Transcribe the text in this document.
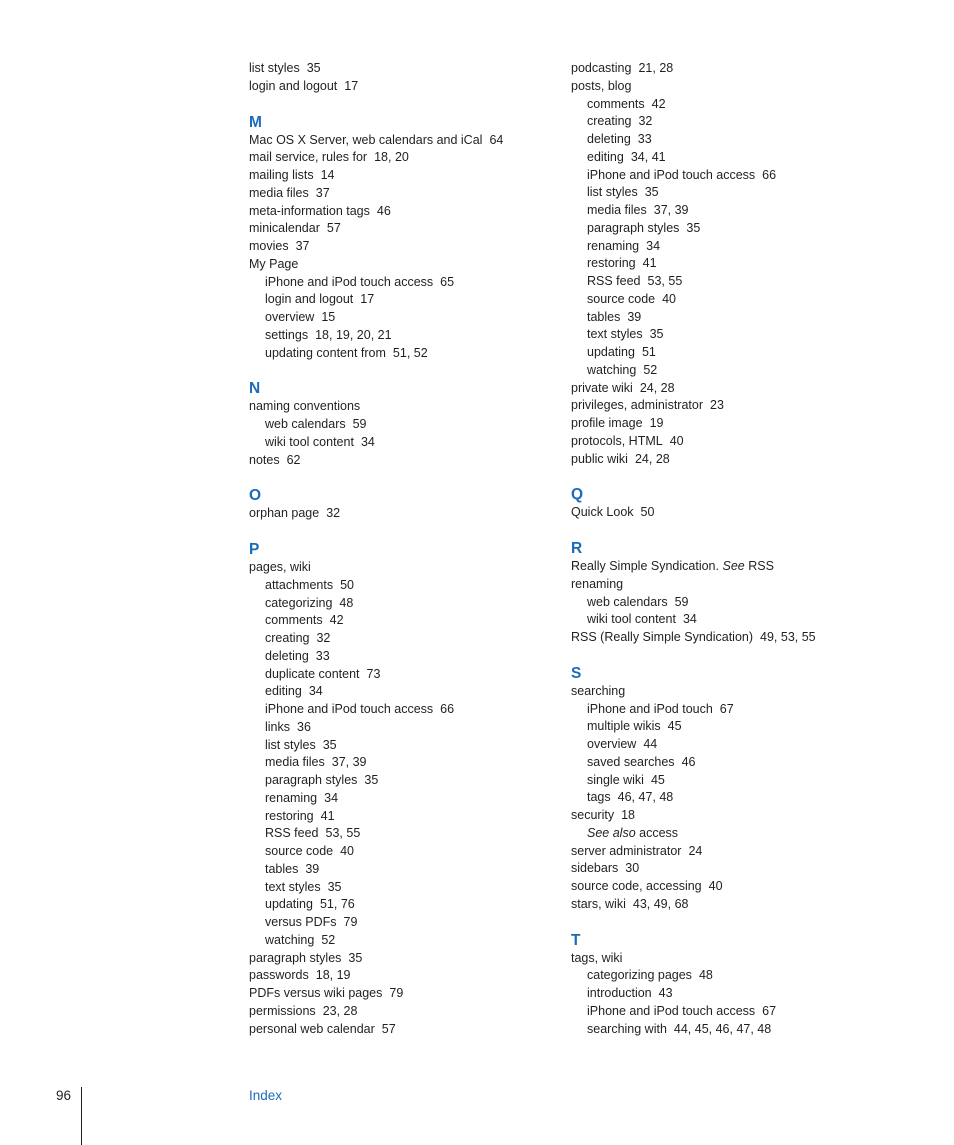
list styles 35
login and logout 17
M
Mac OS X Server, web calendars and iCal 64
mail service, rules for 18, 20
mailing lists 14
media files 37
meta-information tags 46
minicalendar 57
movies 37
My Page
iPhone and iPod touch access 65
login and logout 17
overview 15
settings 18, 19, 20, 21
updating content from 51, 52
N
naming conventions
web calendars 59
wiki tool content 34
notes 62
O
orphan page 32
P
pages, wiki
attachments 50
categorizing 48
comments 42
creating 32
deleting 33
duplicate content 73
editing 34
iPhone and iPod touch access 66
links 36
list styles 35
media files 37, 39
paragraph styles 35
renaming 34
restoring 41
RSS feed 53, 55
source code 40
tables 39
text styles 35
updating 51, 76
versus PDFs 79
watching 52
paragraph styles 35
passwords 18, 19
PDFs versus wiki pages 79
permissions 23, 28
personal web calendar 57
podcasting 21, 28
posts, blog
comments 42
creating 32
deleting 33
editing 34, 41
iPhone and iPod touch access 66
list styles 35
media files 37, 39
paragraph styles 35
renaming 34
restoring 41
RSS feed 53, 55
source code 40
tables 39
text styles 35
updating 51
watching 52
private wiki 24, 28
privileges, administrator 23
profile image 19
protocols, HTML 40
public wiki 24, 28
Q
Quick Look 50
R
Really Simple Syndication. See RSS
renaming
web calendars 59
wiki tool content 34
RSS (Really Simple Syndication) 49, 53, 55
S
searching
iPhone and iPod touch 67
multiple wikis 45
overview 44
saved searches 46
single wiki 45
tags 46, 47, 48
security 18
See also access
server administrator 24
sidebars 30
source code, accessing 40
stars, wiki 43, 49, 68
T
tags, wiki
categorizing pages 48
introduction 43
iPhone and iPod touch access 67
searching with 44, 45, 46, 47, 48
96	Index
